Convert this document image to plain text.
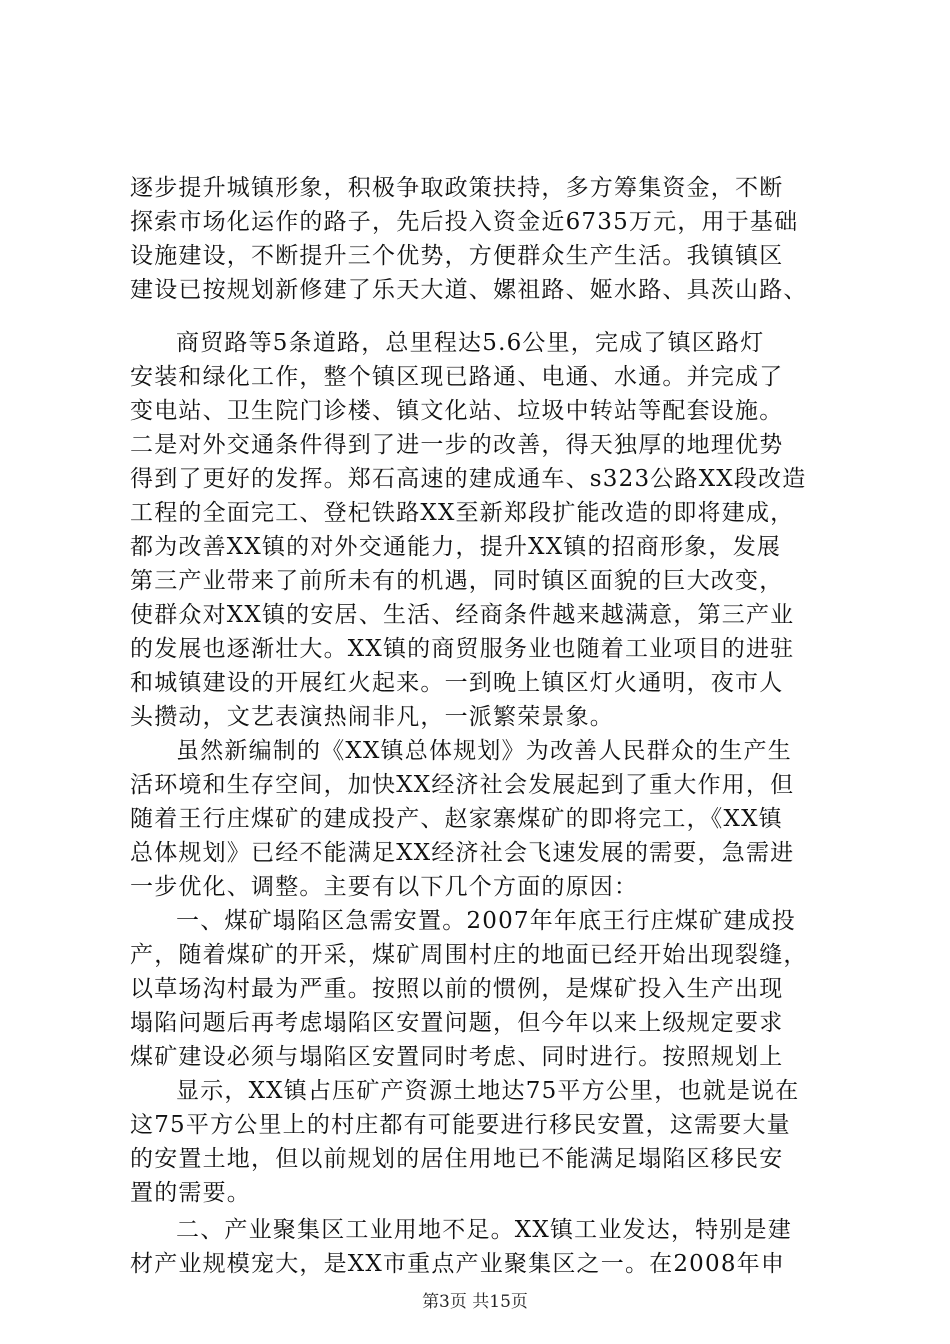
逐步提升城镇形象，积极争取政策扶持，多方筹集资金，不断
探索市场化运作的路子，先后投入资金近6735万元，用于基础
设施建设，不断提升三个优势，方便群众生产生活。我镇镇区
建设已按规划新修建了乐天大道、嫘祖路、姬水路、具茨山路、
商贸路等5条道路，总里程达5.6公里，完成了镇区路灯
安装和绿化工作，整个镇区现已路通、电通、水通。并完成了
变电站、卫生院门诊楼、镇文化站、垃圾中转站等配套设施。
二是对外交通条件得到了进一步的改善，得天独厚的地理优势
得到了更好的发挥。郑石高速的建成通车、s323公路XX段改造
工程的全面完工、登杞铁路XX至新郑段扩能改造的即将建成，
都为改善XX镇的对外交通能力，提升XX镇的招商形象，发展
第三产业带来了前所未有的机遇，同时镇区面貌的巨大改变，
使群众对XX镇的安居、生活、经商条件越来越满意，第三产业
的发展也逐渐壮大。XX镇的商贸服务业也随着工业项目的进驻
和城镇建设的开展红火起来。一到晚上镇区灯火通明，夜市人
头攒动，文艺表演热闹非凡，一派繁荣景象。
虽然新编制的《XX镇总体规划》为改善人民群众的生产生
活环境和生存空间，加快XX经济社会发展起到了重大作用，但
随着王行庄煤矿的建成投产、赵家寨煤矿的即将完工，《XX镇
总体规划》已经不能满足XX经济社会飞速发展的需要，急需进
一步优化、调整。主要有以下几个方面的原因：
一、煤矿塌陷区急需安置。2007年年底王行庄煤矿建成投
产，随着煤矿的开采，煤矿周围村庄的地面已经开始出现裂缝，
以草场沟村最为严重。按照以前的惯例，是煤矿投入生产出现
塌陷问题后再考虑塌陷区安置问题，但今年以来上级规定要求
煤矿建设必须与塌陷区安置同时考虑、同时进行。按照规划上
显示，XX镇占压矿产资源土地达75平方公里，也就是说在
这75平方公里上的村庄都有可能要进行移民安置，这需要大量
的安置土地，但以前规划的居住用地已不能满足塌陷区移民安
置的需要。
二、产业聚集区工业用地不足。XX镇工业发达，特别是建
材产业规模宠大，是XX市重点产业聚集区之一。在2008年申
第3页 共15页
